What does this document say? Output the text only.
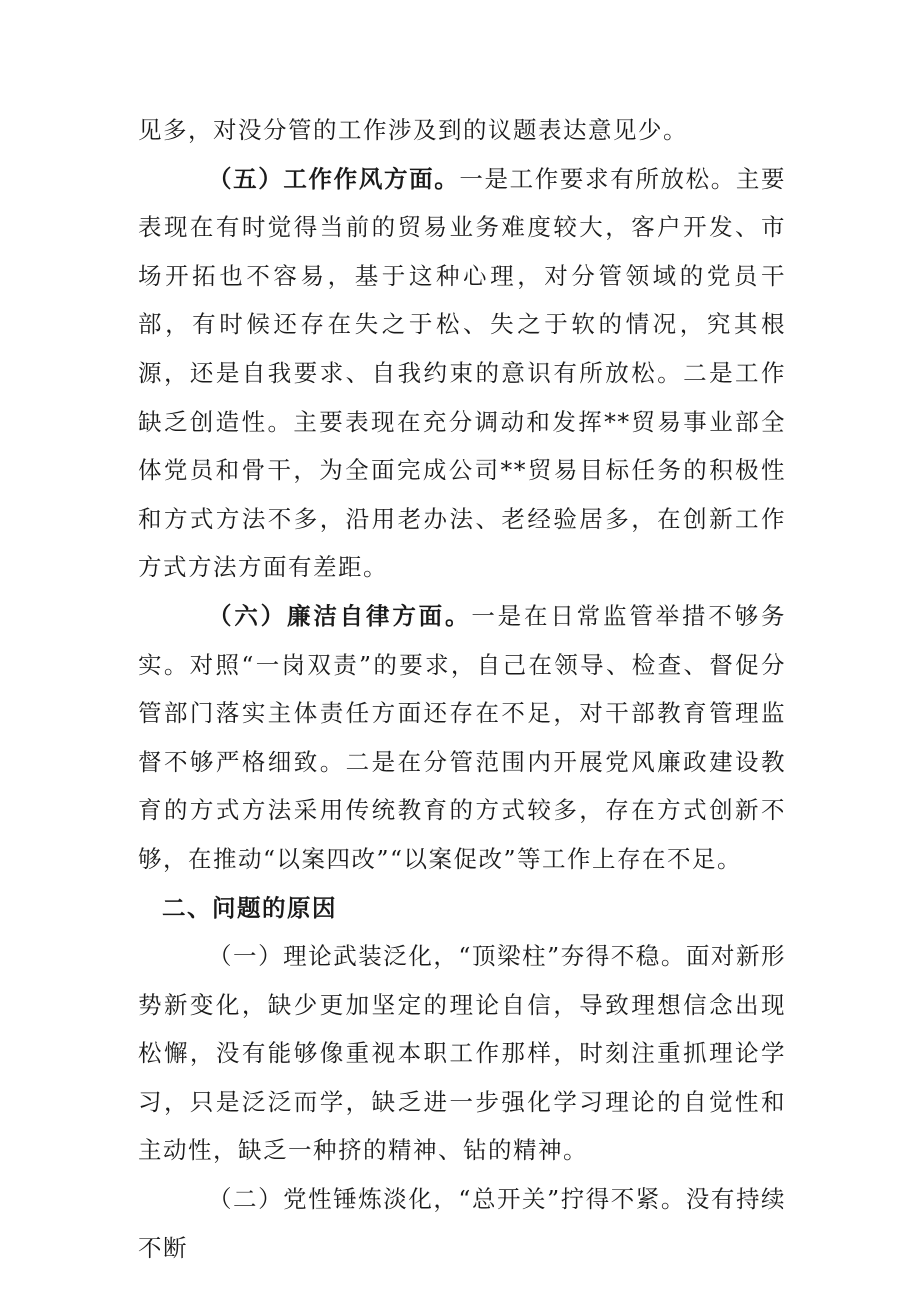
见多，对没分管的工作涉及到的议题表达意见少。

（五）工作作风方面。一是工作要求有所放松。主要表现在有时觉得当前的贸易业务难度较大，客户开发、市场开拓也不容易，基于这种心理，对分管领域的党员干部，有时候还存在失之于松、失之于软的情况，究其根源，还是自我要求、自我约束的意识有所放松。二是工作缺乏创造性。主要表现在充分调动和发挥**贸易事业部全体党员和骨干，为全面完成公司**贸易目标任务的积极性和方式方法不多，沿用老办法、老经验居多，在创新工作方式方法方面有差距。

（六）廉洁自律方面。一是在日常监管举措不够务实。对照“一岗双责”的要求，自己在领导、检查、督促分管部门落实主体责任方面还存在不足，对干部教育管理监督不够严格细致。二是在分管范围内开展党风廉政建设教育的方式方法采用传统教育的方式较多，存在方式创新不够，在推动“以案四改”“以案促改”等工作上存在不足。

二、问题的原因

（一）理论武装泛化，“顶梁柱”夯得不稳。面对新形势新变化，缺少更加坚定的理论自信，导致理想信念出现松懈，没有能够像重视本职工作那样，时刻注重抓理论学习，只是泛泛而学，缺乏进一步强化学习理论的自觉性和主动性，缺乏一种挤的精神、钻的精神。

（二）党性锤炼淡化，“总开关”拧得不紧。没有持续不断
